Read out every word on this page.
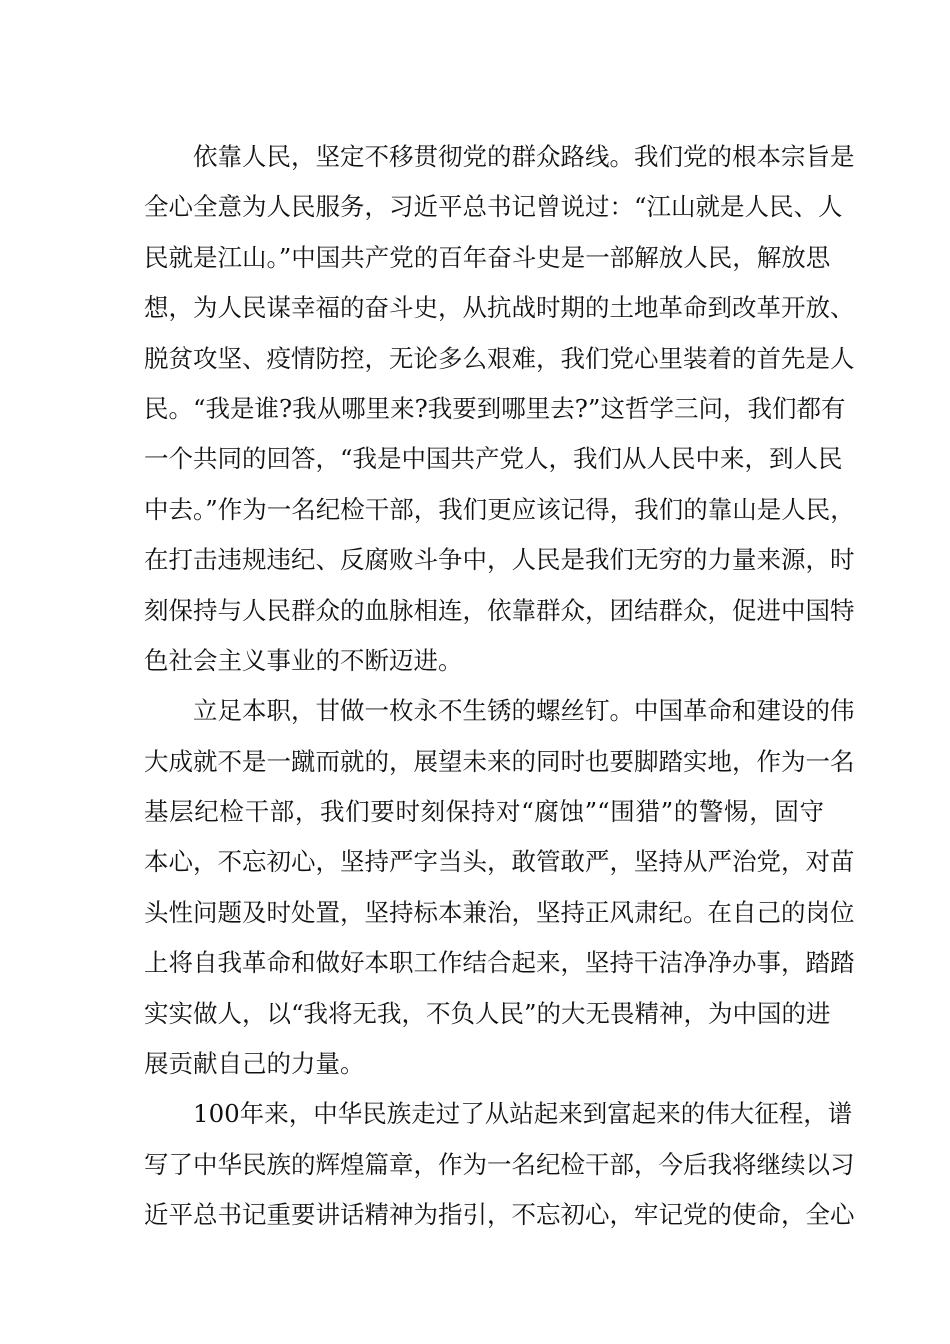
依靠人民，坚定不移贯彻党的群众路线。我们党的根本宗旨是
全心全意为人民服务，习近平总书记曾说过：“江山就是人民、人
民就是江山。”中国共产党的百年奋斗史是一部解放人民，解放思
想，为人民谋幸福的奋斗史，从抗战时期的土地革命到改革开放、
脱贫攻坚、疫情防控，无论多么艰难，我们党心里装着的首先是人
民。“我是谁?我从哪里来?我要到哪里去?”这哲学三问，我们都有
一个共同的回答，“我是中国共产党人，我们从人民中来，到人民
中去。”作为一名纪检干部，我们更应该记得，我们的靠山是人民，
在打击违规违纪、反腐败斗争中，人民是我们无穷的力量来源，时
刻保持与人民群众的血脉相连，依靠群众，团结群众，促进中国特
色社会主义事业的不断迈进。
立足本职，甘做一枚永不生锈的螺丝钉。中国革命和建设的伟
大成就不是一蹴而就的，展望未来的同时也要脚踏实地，作为一名
基层纪检干部，我们要时刻保持对“腐蚀”“围猎”的警惕，固守
本心，不忘初心，坚持严字当头，敢管敢严，坚持从严治党，对苗
头性问题及时处置，坚持标本兼治，坚持正风肃纪。在自己的岗位
上将自我革命和做好本职工作结合起来，坚持干洁净净办事，踏踏
实实做人，以“我将无我，不负人民”的大无畏精神，为中国的进
展贡献自己的力量。
100年来，中华民族走过了从站起来到富起来的伟大征程，谱
写了中华民族的辉煌篇章，作为一名纪检干部，今后我将继续以习
近平总书记重要讲话精神为指引，不忘初心，牢记党的使命，全心
